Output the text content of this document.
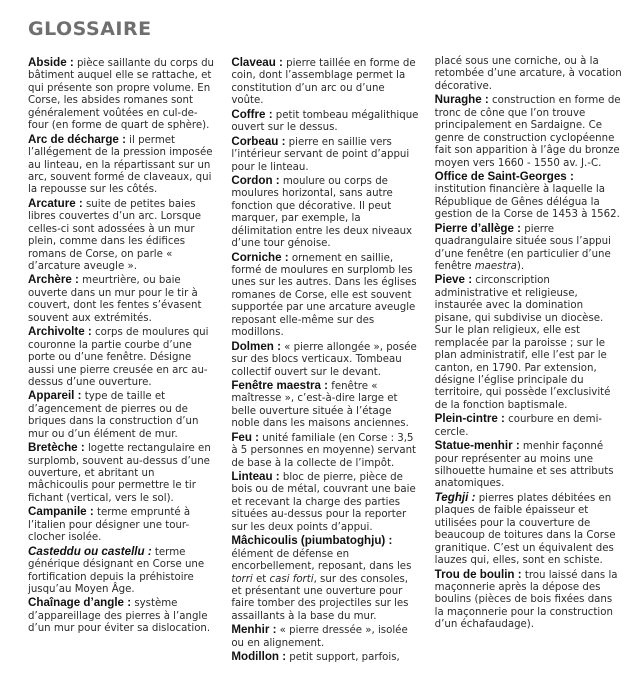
GLOSSAIRE

Abside : pièce saillante du corps du bâtiment auquel elle se rattache, et qui présente son propre volume. En Corse, les absides romanes sont généralement voûtées en cul-de-four (en forme de quart de sphère).

Arc de décharge : il permet l’allégement de la pression imposée au linteau, en la répartissant sur un arc, souvent formé de claveaux, qui la repousse sur les côtés.

Arcature : suite de petites baies libres couvertes d’un arc. Lorsque celles-ci sont adossées à un mur plein, comme dans les édifices romans de Corse, on parle « d’arcature aveugle ».

Archère : meurtrière, ou baie ouverte dans un mur pour le tir à couvert, dont les fentes s’évasent souvent aux extrémités.

Archivolte : corps de moulures qui couronne la partie courbe d’une porte ou d’une fenêtre. Désigne aussi une pierre creusée en arc au-dessus d’une ouverture.

Appareil : type de taille et d’agencement de pierres ou de briques dans la construction d’un mur ou d’un élément de mur.

Bretèche : logette rectangulaire en surplomb, souvent au-dessus d’une ouverture, et abritant un mâchicoulis pour permettre le tir fichant (vertical, vers le sol).

Campanile : terme emprunté à l’italien pour désigner une tour-clocher isolée.

Casteddu ou castellu : terme générique désignant en Corse une fortification depuis la préhistoire jusqu’au Moyen Âge.

Chaînage d’angle : système d’appareillage des pierres à l’angle d’un mur pour éviter sa dislocation.

Claveau : pierre taillée en forme de coin, dont l’assemblage permet la constitution d’un arc ou d’une voûte.

Coffre : petit tombeau mégalithique ouvert sur le dessus.

Corbeau : pierre en saillie vers l’intérieur servant de point d’appui pour le linteau.

Cordon : moulure ou corps de moulures horizontal, sans autre fonction que décorative. Il peut marquer, par exemple, la délimitation entre les deux niveaux d’une tour génoise.

Corniche : ornement en saillie, formé de moulures en surplomb les unes sur les autres. Dans les églises romanes de Corse, elle est souvent supportée par une arcature aveugle reposant elle-même sur des modillons.

Dolmen : « pierre allongée », posée sur des blocs verticaux. Tombeau collectif ouvert sur le devant.

Fenêtre maestra : fenêtre « maîtresse », c’est-à-dire large et belle ouverture située à l’étage noble dans les maisons anciennes.

Feu : unité familiale (en Corse : 3,5 à 5 personnes en moyenne) servant de base à la collecte de l’impôt.

Linteau : bloc de pierre, pièce de bois ou de métal, couvrant une baie et recevant la charge des parties situées au-dessus pour la reporter sur les deux points d’appui.

Mâchicoulis (piumbatoghju) : élément de défense en encorbellement, reposant, dans les torri et casi forti, sur des consoles, et présentant une ouverture pour faire tomber des projectiles sur les assaillants à la base du mur.

Menhir : « pierre dressée », isolée ou en alignement.

Modillon : petit support, parfois,

placé sous une corniche, ou à la retombée d’une arcature, à vocation décorative.

Nuraghe : construction en forme de tronc de cône que l’on trouve principalement en Sardaigne. Ce genre de construction cyclopéenne fait son apparition à l’âge du bronze moyen vers 1660 - 1550 av. J.-C.

Office de Saint-Georges : institution financière à laquelle la République de Gênes délégua la gestion de la Corse de 1453 à 1562.

Pierre d’allège : pierre quadrangulaire située sous l’appui d’une fenêtre (en particulier d’une fenêtre maestra).

Pieve : circonscription administrative et religieuse, instaurée avec la domination pisane, qui subdivise un diocèse. Sur le plan religieux, elle est remplacée par la paroisse ; sur le plan administratif, elle l’est par le canton, en 1790. Par extension, désigne l’église principale du territoire, qui possède l’exclusivité de la fonction baptismale.

Plein-cintre : courbure en demi-cercle.

Statue-menhir : menhir façonné pour représenter au moins une silhouette humaine et ses attributs anatomiques.

Teghji : pierres plates débitées en plaques de faible épaisseur et utilisées pour la couverture de beaucoup de toitures dans la Corse granitique. C’est un équivalent des lauzes qui, elles, sont en schiste.

Trou de boulin : trou laissé dans la maçonnerie après la dépose des boulins (pièces de bois fixées dans la maçonnerie pour la construction d’un échafaudage).
